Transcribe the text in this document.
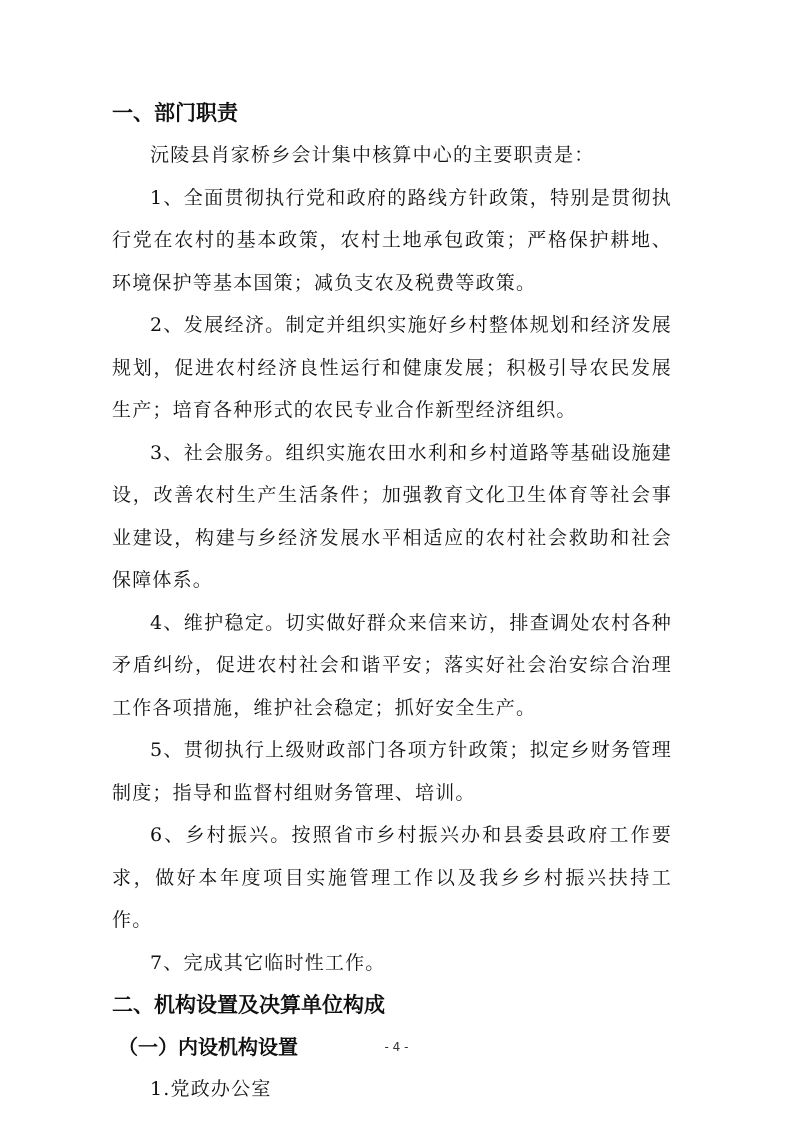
一、部门职责

沅陵县肖家桥乡会计集中核算中心的主要职责是：

1、全面贯彻执行党和政府的路线方针政策，特别是贯彻执行党在农村的基本政策，农村土地承包政策；严格保护耕地、环境保护等基本国策；减负支农及税费等政策。

2、发展经济。制定并组织实施好乡村整体规划和经济发展规划，促进农村经济良性运行和健康发展；积极引导农民发展生产；培育各种形式的农民专业合作新型经济组织。

3、社会服务。组织实施农田水利和乡村道路等基础设施建设，改善农村生产生活条件；加强教育文化卫生体育等社会事业建设，构建与乡经济发展水平相适应的农村社会救助和社会保障体系。

4、维护稳定。切实做好群众来信来访，排查调处农村各种矛盾纠纷，促进农村社会和谐平安；落实好社会治安综合治理工作各项措施，维护社会稳定；抓好安全生产。

5、贯彻执行上级财政部门各项方针政策；拟定乡财务管理制度；指导和监督村组财务管理、培训。

6、乡村振兴。按照省市乡村振兴办和县委县政府工作要求，做好本年度项目实施管理工作以及我乡乡村振兴扶持工作。

7、完成其它临时性工作。

二、机构设置及决算单位构成

（一）内设机构设置

1.党政办公室

- 4 -
